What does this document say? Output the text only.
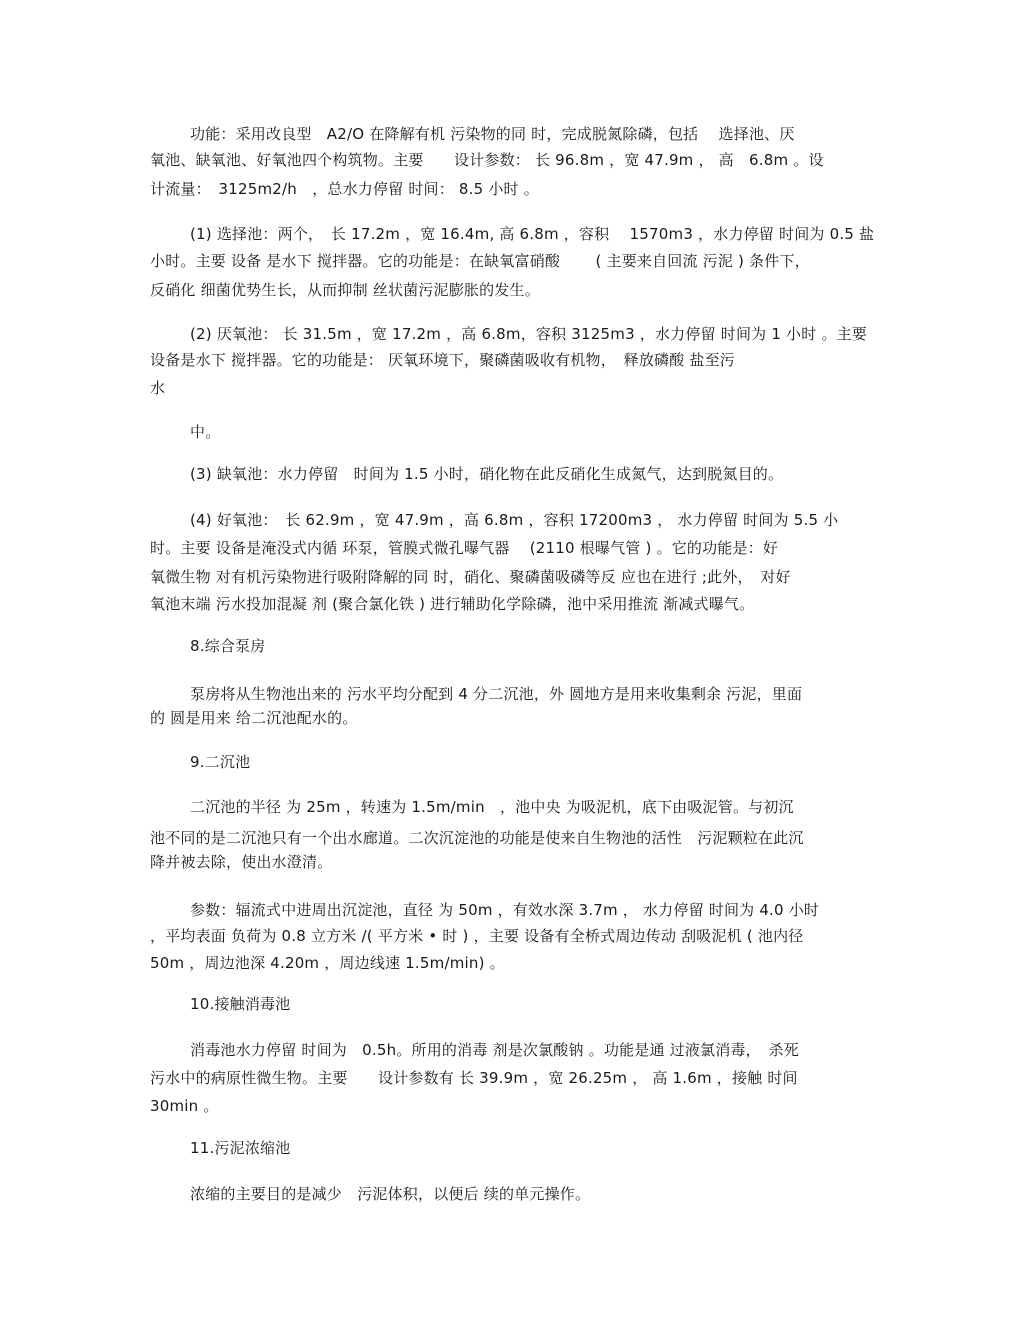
功能：采用改良型　A2/O 在降解有机 污染物的同 时，完成脱氮除磷，包括　 选择池、厌
氧池、缺氧池、好氧池四个构筑物。主要　　设计参数： 长 96.8m ，宽 47.9m ， 高　6.8m 。设
计流量：　3125m2/h　，总水力停留 时间： 8.5 小时 。
(1) 选择池：两个，　长 17.2m ，宽 16.4m, 高 6.8m ，容积　 1570m3 ，水力停留 时间为 0.5 盐
小时。主要 设备 是水下 搅拌器。它的功能是：在缺氧富硝酸　　 ( 主要来自回流 污泥 ) 条件下，
反硝化 细菌优势生长，从而抑制 丝状菌污泥膨胀的发生。
(2) 厌氧池： 长 31.5m ，宽 17.2m ，高 6.8m，容积 3125m3 ，水力停留 时间为 1 小时 。主要
设备是水下 搅拌器。它的功能是： 厌氧环境下，聚磷菌吸收有机物，　释放磷酸 盐至污
水
中。
(3) 缺氧池：水力停留　时间为 1.5 小时，硝化物在此反硝化生成氮气，达到脱氮目的。
(4) 好氧池：　长 62.9m ，宽 47.9m ，高 6.8m ，容积 17200m3 ， 水力停留 时间为 5.5 小
时。主要 设备是淹没式内循 环泵，管膜式微孔曝气器　 (2110 根曝气管 ) 。它的功能是：好
氧微生物 对有机污染物进行吸附降解的同 时，硝化、聚磷菌吸磷等反 应也在进行 ;此外，　对好
氧池末端 污水投加混凝 剂 (聚合氯化铁 ) 进行辅助化学除磷，池中采用推流 渐减式曝气。
8.综合泵房
泵房将从生物池出来的 污水平均分配到 4 分二沉池，外 圆地方是用来收集剩余 污泥，里面
的 圆是用来 给二沉池配水的。
9.二沉池
二沉池的半径 为 25m ，转速为 1.5m/min　，池中央 为吸泥机，底下由吸泥管。与初沉
池不同的是二沉池只有一个出水廊道。二次沉淀池的功能是使来自生物池的活性　污泥颗粒在此沉
降并被去除，使出水澄清。
参数：辐流式中进周出沉淀池，直径 为 50m ，有效水深 3.7m ， 水力停留 时间为 4.0 小时
，平均表面 负荷为 0.8 立方米 /( 平方米 • 时 ) ，主要 设备有全桥式周边传动 刮吸泥机 ( 池内径
50m ，周边池深 4.20m ，周边线速 1.5m/min) 。
10.接触消毒池
消毒池水力停留 时间为　0.5h。所用的消毒 剂是次氯酸钠 。功能是通 过液氯消毒，　杀死
污水中的病原性微生物。主要　　设计参数有 长 39.9m ，宽 26.25m ， 高 1.6m ，接触 时间
30min 。
11.污泥浓缩池
浓缩的主要目的是减少　污泥体积，以便后 续的单元操作。
